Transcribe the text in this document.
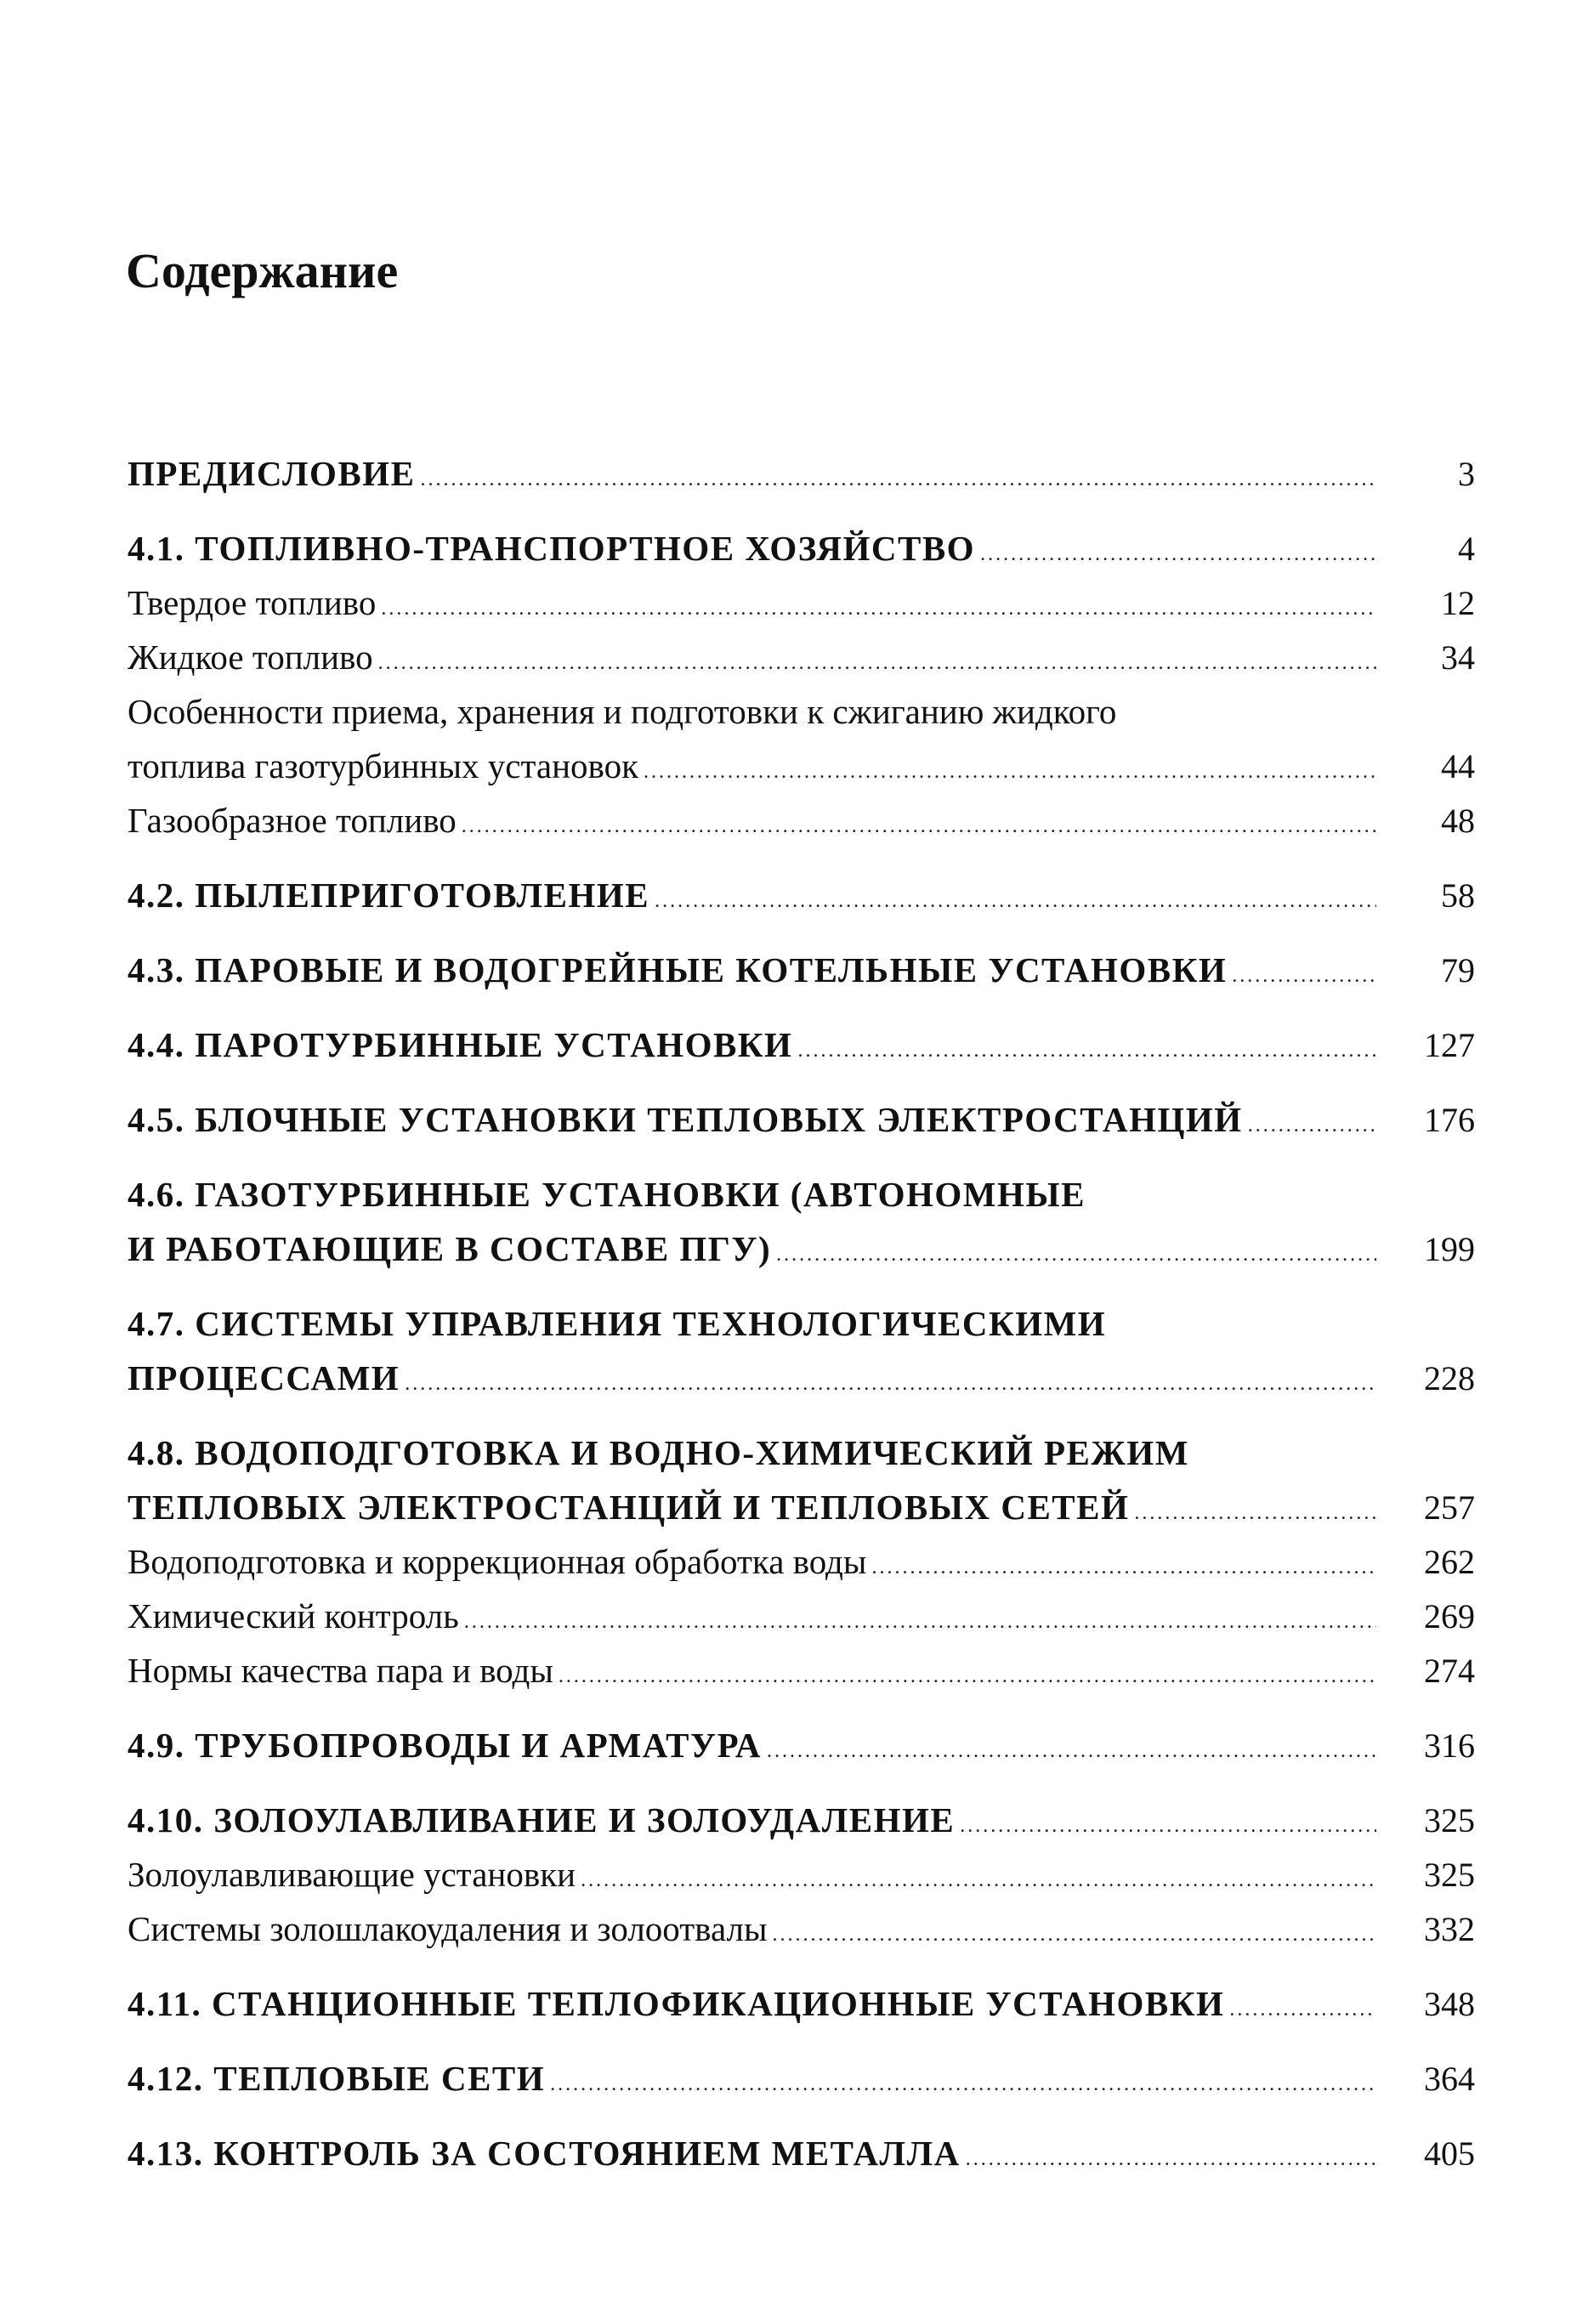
Содержание
ПРЕДИСЛОВИЕ .....	3
4.1. ТОПЛИВНО-ТРАНСПОРТНОЕ ХОЗЯЙСТВО .....	4
Твердое топливо .....	12
Жидкое топливо .....	34
Особенности приема, хранения и подготовки к сжиганию жидкого
топлива газотурбинных установок .....	44
Газообразное топливо .....	48
4.2. ПЫЛЕПРИГОТОВЛЕНИЕ .....	58
4.3. ПАРОВЫЕ И ВОДОГРЕЙНЫЕ КОТЕЛЬНЫЕ УСТАНОВКИ .....	79
4.4. ПАРОТУРБИННЫЕ УСТАНОВКИ .....	127
4.5. БЛОЧНЫЕ УСТАНОВКИ ТЕПЛОВЫХ ЭЛЕКТРОСТАНЦИЙ .....	176
4.6. ГАЗОТУРБИННЫЕ УСТАНОВКИ (АВТОНОМНЫЕ
И РАБОТАЮЩИЕ В СОСТАВЕ ПГУ) .....	199
4.7. СИСТЕМЫ УПРАВЛЕНИЯ ТЕХНОЛОГИЧЕСКИМИ
ПРОЦЕССАМИ .....	228
4.8. ВОДОПОДГОТОВКА И ВОДНО-ХИМИЧЕСКИЙ РЕЖИМ
ТЕПЛОВЫХ ЭЛЕКТРОСТАНЦИЙ И ТЕПЛОВЫХ СЕТЕЙ .....	257
Водоподготовка и коррекционная обработка воды .....	262
Химический контроль .....	269
Нормы качества пара и воды .....	274
4.9. ТРУБОПРОВОДЫ И АРМАТУРА .....	316
4.10. ЗОЛОУЛАВЛИВАНИЕ И ЗОЛОУДАЛЕНИЕ .....	325
Золоулавливающие установки .....	325
Системы золошлакоудаления и золоотвалы .....	332
4.11. СТАНЦИОННЫЕ ТЕПЛОФИКАЦИОННЫЕ УСТАНОВКИ .....	348
4.12. ТЕПЛОВЫЕ СЕТИ .....	364
4.13. КОНТРОЛЬ ЗА СОСТОЯНИЕМ МЕТАЛЛА .....	405
